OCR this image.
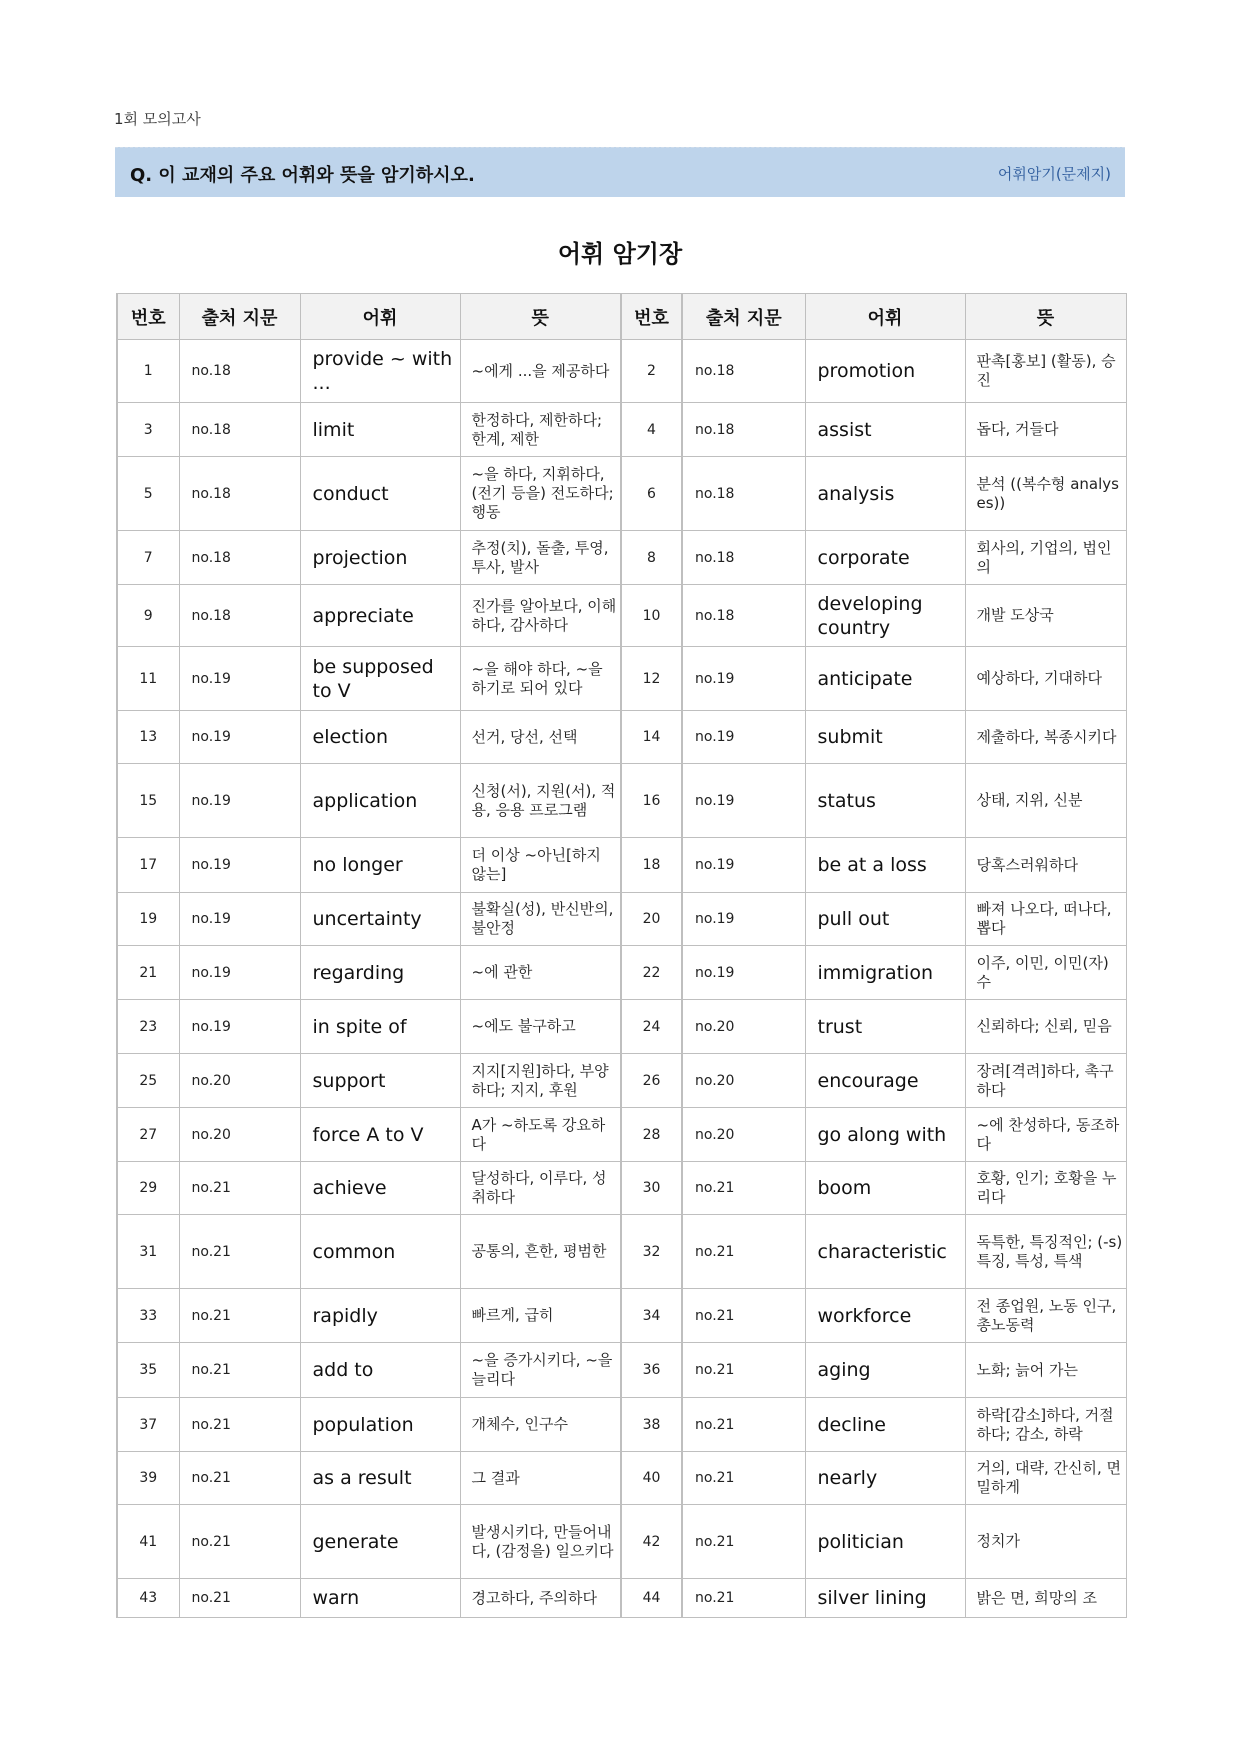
1회 모의고사
Q. 이 교재의 주요 어휘와 뜻을 암기하시오.	어휘암기(문제지)
어휘 암기장
번호	출처 지문	어휘	뜻	번호	출처 지문	어휘	뜻
1	no.18	provide ~ with ...	~에게 ...을 제공하다	2	no.18	promotion	판촉[홍보] (활동), 승진
3	no.18	limit	한정하다, 제한하다; 한계, 제한	4	no.18	assist	돕다, 거들다
5	no.18	conduct	~을 하다, 지휘하다, (전기 등을) 전도하다; 행동	6	no.18	analysis	분석 ((복수형 analyses))
7	no.18	projection	추정(치), 돌출, 투영, 투사, 발사	8	no.18	corporate	회사의, 기업의, 법인의
9	no.18	appreciate	진가를 알아보다, 이해하다, 감사하다	10	no.18	developing country	개발 도상국
11	no.19	be supposed to V	~을 해야 하다, ~을 하기로 되어 있다	12	no.19	anticipate	예상하다, 기대하다
13	no.19	election	선거, 당선, 선택	14	no.19	submit	제출하다, 복종시키다
15	no.19	application	신청(서), 지원(서), 적용, 응용 프로그램	16	no.19	status	상태, 지위, 신분
17	no.19	no longer	더 이상 ~아닌[하지 않는]	18	no.19	be at a loss	당혹스러워하다
19	no.19	uncertainty	불확실(성), 반신반의, 불안정	20	no.19	pull out	빠져 나오다, 떠나다, 뽑다
21	no.19	regarding	~에 관한	22	no.19	immigration	이주, 이민, 이민(자)수
23	no.19	in spite of	~에도 불구하고	24	no.20	trust	신뢰하다; 신뢰, 믿음
25	no.20	support	지지[지원]하다, 부양하다; 지지, 후원	26	no.20	encourage	장려[격려]하다, 촉구하다
27	no.20	force A to V	A가 ~하도록 강요하다	28	no.20	go along with	~에 찬성하다, 동조하다
29	no.21	achieve	달성하다, 이루다, 성취하다	30	no.21	boom	호황, 인기; 호황을 누리다
31	no.21	common	공통의, 흔한, 평범한	32	no.21	characteristic	독특한, 특징적인; (-s) 특징, 특성, 특색
33	no.21	rapidly	빠르게, 급히	34	no.21	workforce	전 종업원, 노동 인구, 총노동력
35	no.21	add to	~을 증가시키다, ~을 늘리다	36	no.21	aging	노화; 늙어 가는
37	no.21	population	개체수, 인구수	38	no.21	decline	하락[감소]하다, 거절하다; 감소, 하락
39	no.21	as a result	그 결과	40	no.21	nearly	거의, 대략, 간신히, 면밀하게
41	no.21	generate	발생시키다, 만들어내다, (감정을) 일으키다	42	no.21	politician	정치가
43	no.21	warn	경고하다, 주의하다	44	no.21	silver lining	밝은 면, 희망의 조
